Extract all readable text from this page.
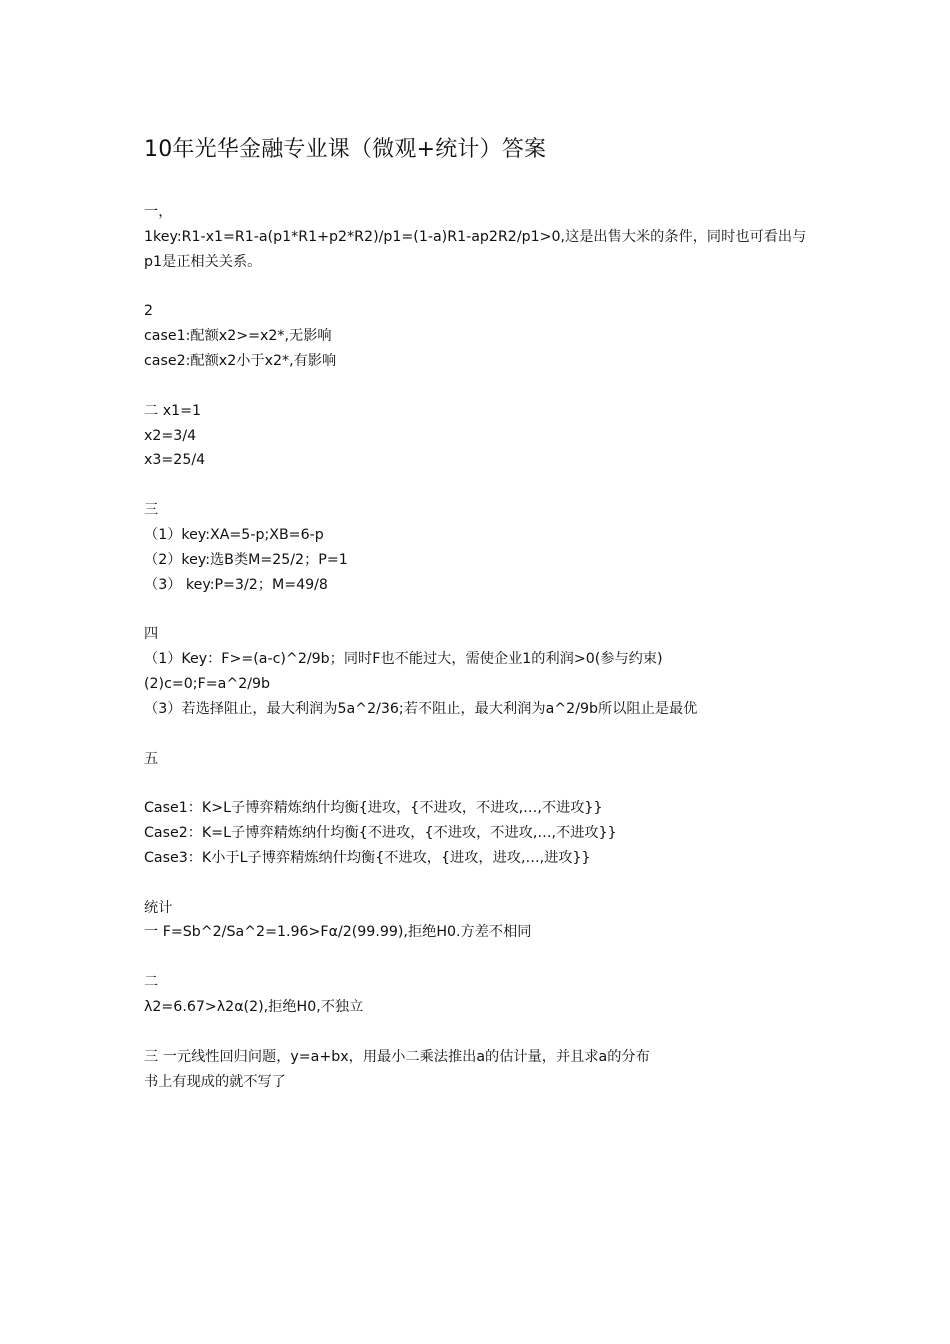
10年光华金融专业课（微观+统计）答案
一，
1key:R1-x1=R1-a(p1*R1+p2*R2)/p1=(1-a)R1-ap2R2/p1>0,这是出售大米的条件，同时也可看出与p1是正相关关系。
2
case1:配额x2>=x2*,无影响
case2:配额x2小于x2*,有影响
二 x1=1
x2=3/4
x3=25/4
三
（1）key:XA=5-p;XB=6-p
（2）key:选B类M=25/2；P=1
（3） key:P=3/2；M=49/8
四
（1）Key：F>=(a-c)^2/9b；同时F也不能过大，需使企业1的利润>0(参与约束)
(2)c=0;F=a^2/9b
（3）若选择阻止，最大利润为5a^2/36;若不阻止，最大利润为a^2/9b所以阻止是最优
五
Case1：K>L子博弈精炼纳什均衡{进攻，{不进攻，不进攻,…,不进攻}}
Case2：K=L子博弈精炼纳什均衡{不进攻，{不进攻，不进攻,…,不进攻}}
Case3：K小于L子博弈精炼纳什均衡{不进攻，{进攻，进攻,…,进攻}}
统计
一 F=Sb^2/Sa^2=1.96>Fα/2(99.99),拒绝H0.方差不相同
二
λ2=6.67>λ2α(2),拒绝H0,不独立
三 一元线性回归问题，y=a+bx，用最小二乘法推出a的估计量，并且求a的分布
书上有现成的就不写了
